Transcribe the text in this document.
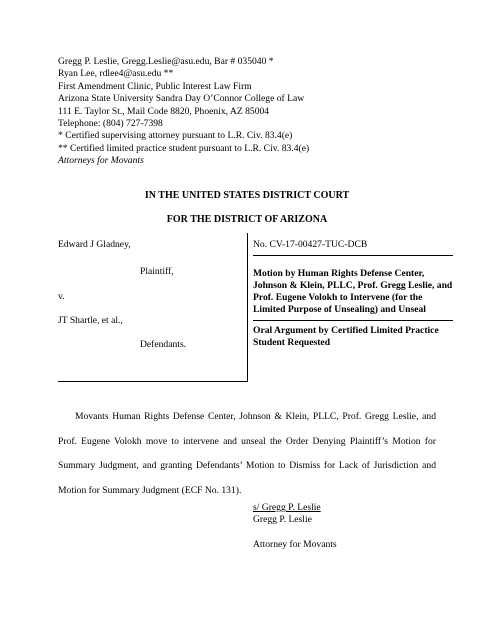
Gregg P. Leslie, Gregg.Leslie@asu.edu, Bar # 035040 *
Ryan Lee, rdlee4@asu.edu **
First Amendment Clinic, Public Interest Law Firm
Arizona State University Sandra Day O’Connor College of Law
111 E. Taylor St., Mail Code 8820, Phoenix, AZ 85004
Telephone: (804) 727-7398
* Certified supervising attorney pursuant to L.R. Civ. 83.4(e)
** Certified limited practice student pursuant to L.R. Civ. 83.4(e)
Attorneys for Movants
IN THE UNITED STATES DISTRICT COURT
FOR THE DISTRICT OF ARIZONA
Edward J Gladney,
Plaintiff,
v.
JT Shartle, et al.,
Defendants.
No. CV-17-00427-TUC-DCB
Motion by Human Rights Defense Center, Johnson & Klein, PLLC, Prof. Gregg Leslie, and Prof. Eugene Volokh to Intervene (for the Limited Purpose of Unsealing) and Unseal
Oral Argument by Certified Limited Practice Student Requested
Movants Human Rights Defense Center, Johnson & Klein, PLLC, Prof. Gregg Leslie, and Prof. Eugene Volokh move to intervene and unseal the Order Denying Plaintiff’s Motion for Summary Judgment, and granting Defendants’ Motion to Dismiss for Lack of Jurisdiction and Motion for Summary Judgment (ECF No. 131).
s/ Gregg P. Leslie
Gregg P. Leslie
Attorney for Movants
